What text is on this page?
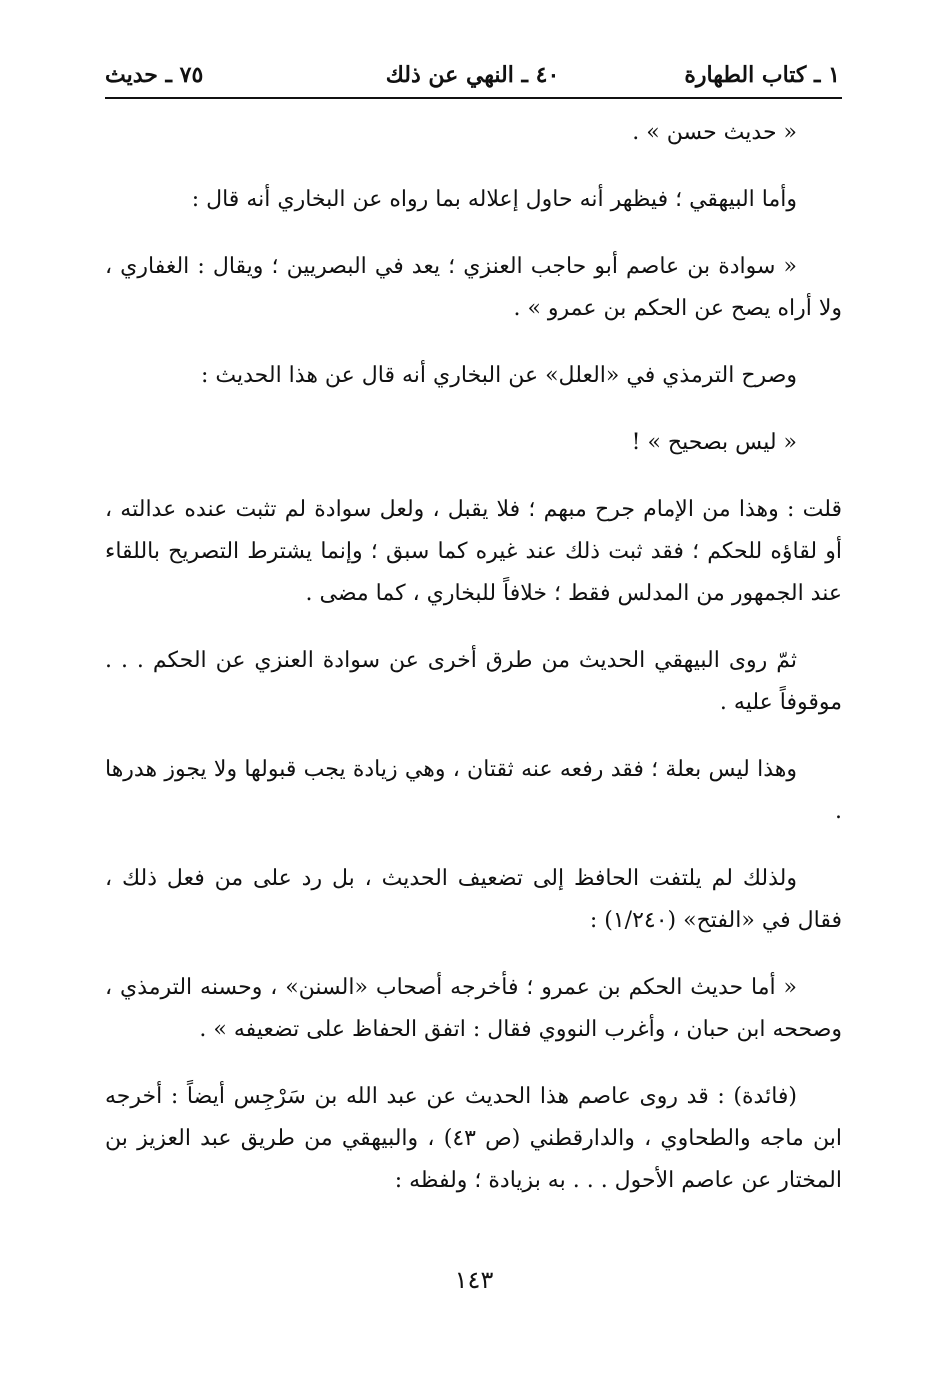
١ ـ كتاب الطهارة
٤٠ ـ النهي عن ذلك
٧٥ ـ حديث

« حديث حسن » .

وأما البيهقي ؛ فيظهر أنه حاول إعلاله بما رواه عن البخاري أنه قال :

« سوادة بن عاصم أبو حاجب العنزي ؛ يعد في البصريين ؛ ويقال : الغفاري ، ولا أراه يصح عن الحكم بن عمرو » .

وصرح الترمذي في «العلل» عن البخاري أنه قال عن هذا الحديث :

« ليس بصحيح » !

قلت : وهذا من الإمام جرح مبهم ؛ فلا يقبل ، ولعل سوادة لم تثبت عنده عدالته ، أو لقاؤه للحكم ؛ فقد ثبت ذلك عند غيره كما سبق ؛ وإنما يشترط التصريح باللقاء عند الجمهور من المدلس فقط ؛ خلافاً للبخاري ، كما مضى .

ثمّ روى البيهقي الحديث من طرق أخرى عن سوادة العنزي عن الحكم . . . موقوفاً عليه .

وهذا ليس بعلة ؛ فقد رفعه عنه ثقتان ، وهي زيادة يجب قبولها ولا يجوز هدرها .

ولذلك لم يلتفت الحافظ إلى تضعيف الحديث ، بل رد على من فعل ذلك ، فقال في «الفتح» (١/٢٤٠) :

« أما حديث الحكم بن عمرو ؛ فأخرجه أصحاب «السنن» ، وحسنه الترمذي ، وصححه ابن حبان ، وأغرب النووي فقال : اتفق الحفاظ على تضعيفه » .

(فائدة) : قد روى عاصم هذا الحديث عن عبد الله بن سَرْجِس أيضاً : أخرجه ابن ماجه والطحاوي ، والدارقطني (ص ٤٣) ، والبيهقي من طريق عبد العزيز بن المختار عن عاصم الأحول . . . به بزيادة ؛ ولفظه :

١٤٣
